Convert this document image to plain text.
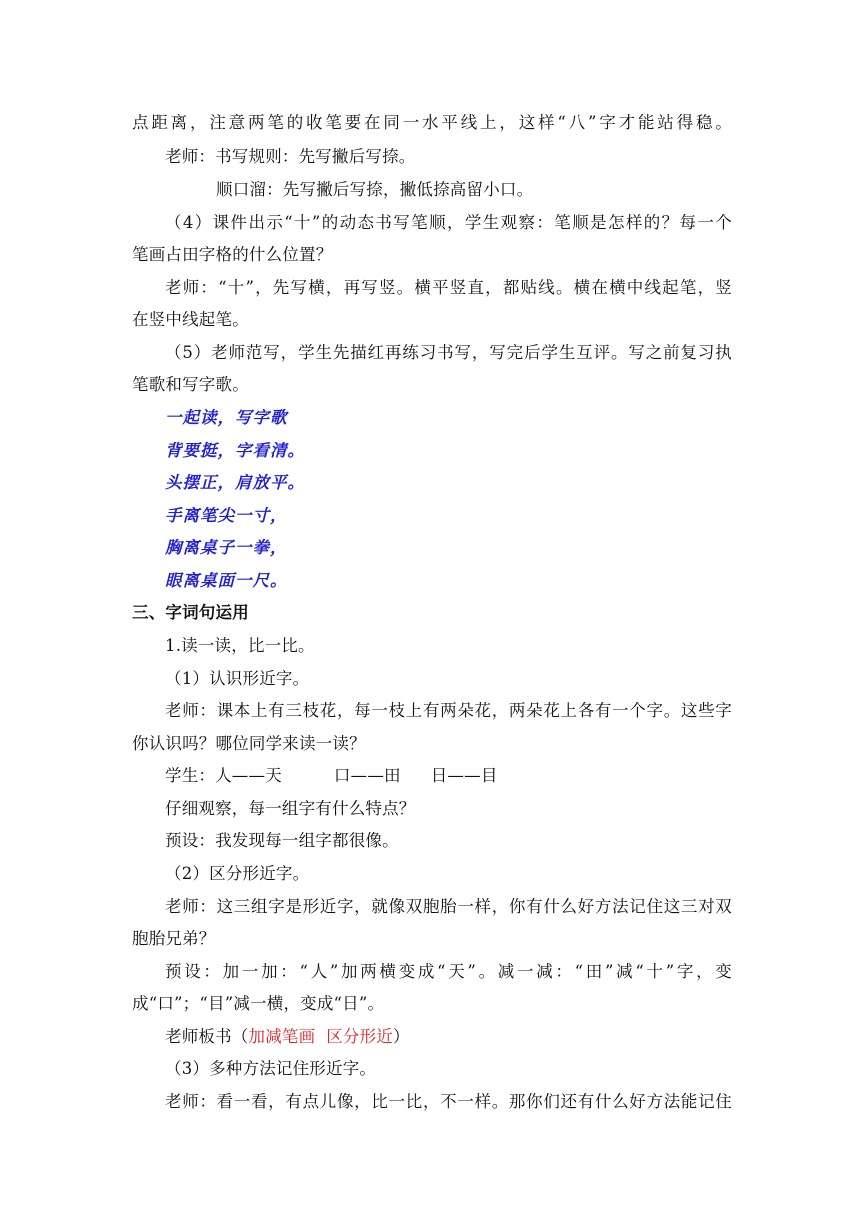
点距离，注意两笔的收笔要在同一水平线上，这样“八”字才能站得稳。
老师：书写规则：先写撇后写捺。
顺口溜：先写撇后写捺，撇低捺高留小口。
（4）课件出示“十”的动态书写笔顺，学生观察：笔顺是怎样的？每一个
笔画占田字格的什么位置？
老师：“十”，先写横，再写竖。横平竖直，都贴线。横在横中线起笔，竖
在竖中线起笔。
（5）老师范写，学生先描红再练习书写，写完后学生互评。写之前复习执
笔歌和写字歌。
一起读，写字歌
背要挺，字看清。
头摆正，肩放平。
手离笔尖一寸，
胸离桌子一拳，
眼离桌面一尺。
三、字词句运用
1.读一读，比一比。
（1）认识形近字。
老师：课本上有三枝花，每一枝上有两朵花，两朵花上各有一个字。这些字
你认识吗？哪位同学来读一读？
学生：人——天	口——田 日——目
仔细观察，每一组字有什么特点？
预设：我发现每一组字都很像。
（2）区分形近字。
老师：这三组字是形近字，就像双胞胎一样，你有什么好方法记住这三对双
胞胎兄弟？
预设：加一加：“人”加两横变成“天”。减一减：“田”减“十”字，变
成“口”；“目”减一横，变成“日”。
老师板书（加减笔画  区分形近）
（3）多种方法记住形近字。
老师：看一看，有点儿像，比一比，不一样。那你们还有什么好方法能记住
